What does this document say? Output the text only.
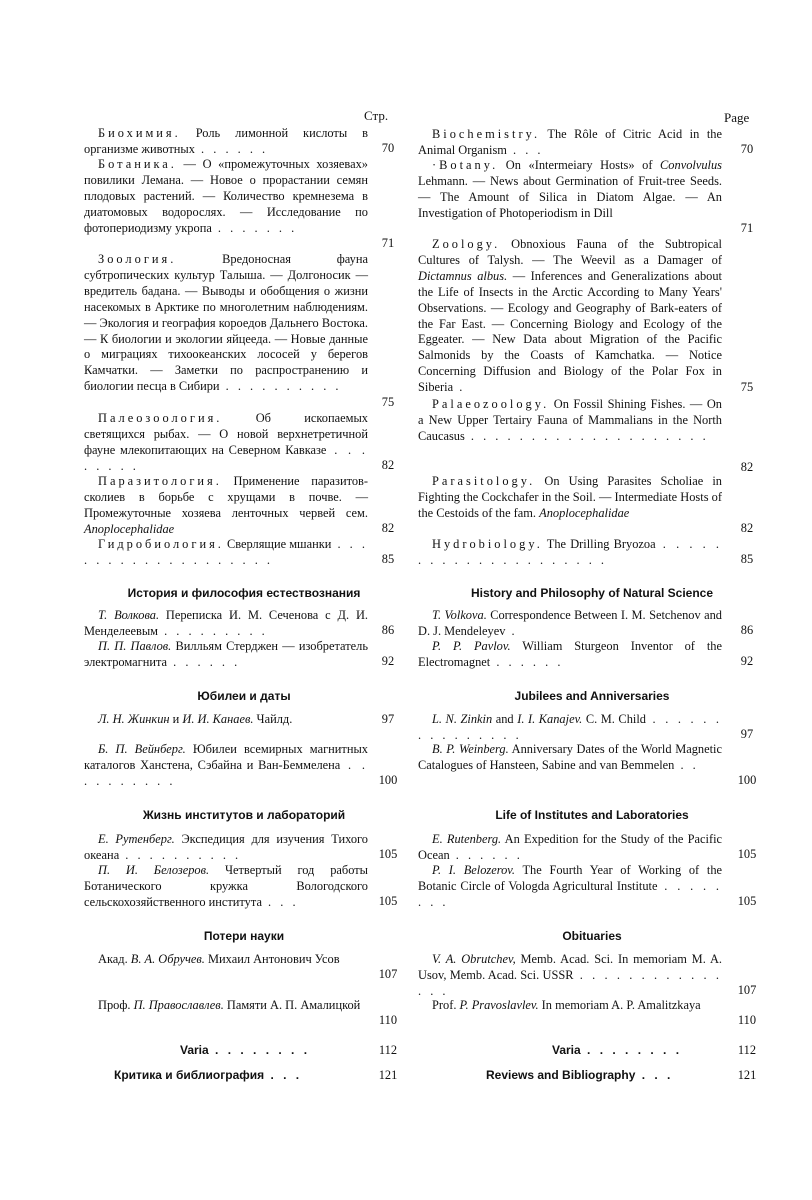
Стр.
Биохимия. Роль лимонной кислоты в организме животных . . . . . .	70
Ботаника. — О «промежуточных хозяевах» повилики Лемана. — Новое о прорастании семян плодовых растений. — Количество кремнезема в диатомовых водорослях. — Исследование по фотопериодизму укропа . . . . . . .
71
Зоология. Вредоносная фауна субтропических культур Талыша. — Долгоносик — вредитель бадана. — Выводы и обобщения о жизни насекомых в Арктике по многолетним наблюдениям. — Экология и география короедов Дальнего Востока. — К биологии и экологии яйцееда. — Новые данные о миграциях тихоокеанских лососей у берегов Камчатки. — Заметки по распространению и биологии песца в Сибири . . . . . . . . . .
75
Палеозоология. Об ископаемых светящихся рыбах. — О новой верхнетретичной фауне млекопитающих на Северном Кавказе . . . . . . . .	82
Паразитология. Применение паразитов-сколиев в борьбе с хрущами в почве. — Промежуточные хозяева ленточных червей сем. Anoplocephalidae	82
Гидробиология. Сверлящие мшанки . . . . . . . . . . . . . . . . . . .	85
История и философия естествознания
Т. Волкова. Переписка И. М. Сеченова с Д. И. Менделеевым . . . . . . . . .	86
П. П. Павлов. Вилльям Стерджен — изобретатель электромагнита . . . . . .	92
Юбилеи и даты
Л. Н. Жинкин и И. И. Канаев. Чайлд.	97
Б. П. Вейнберг. Юбилеи всемирных магнитных каталогов Ханстена, Сэбайна и Ван-Беммелена . . . . . . . . . .	100
Жизнь институтов и лабораторий
Е. Рутенберг. Экспедиция для изучения Тихого океана . . . . . . . . . .	105
П. И. Белозеров. Четвертый год работы Ботанического кружка Вологодского сельскохозяйственного института . . .	105
Потери науки
Акад. В. А. Обручев. Михаил Антонович Усов
107
Проф. П. Православлев. Памяти А. П. Амалицкой
110
Varia . . . . . . . .	112
Критика и библиография . . .	121
Page
Biochemistry. The Rôle of Citric Acid in the Animal Organism . . .	70
·Botany. On «Intermeiary Hosts» of Convolvulus Lehmann. — News about Germination of Fruit-tree Seeds. — The Amount of Silica in Diatom Algae. — An Investigation of Photoperiodism in Dill
71
Zoology. Obnoxious Fauna of the Subtropical Cultures of Talysh. — The Weevil as a Damager of Dictamnus albus. — Inferences and Generalizations about the Life of Insects in the Arctic According to Many Years' Observations. — Ecology and Geography of Bark-eaters of the Far East. — Concerning Biology and Ecology of the Eggeater. — New Data about Migration of the Pacific Salmonids by the Coasts of Kamchatka. — Notice Concerning Diffusion and Biology of the Polar Fox in Siberia .	75
Palaeozoology. On Fossil Shining Fishes. — On a New Upper Tertairy Fauna of Mammalians in the North Caucasus . . . . . . . . . . . . . . . . . . . .
82
Parasitology. On Using Parasites Scholiae in Fighting the Cockchafer in the Soil. — Intermediate Hosts of the Cestoids of the fam. Anoplocephalidae
82
Hydrobiology. The Drilling Bryozoa . . . . . . . . . . . . . . . . . . . . .	85
History and Philosophy of Natural Science
T. Volkova. Correspondence Between I. M. Setchenov and D. J. Mendeleyev .	86
P. P. Pavlov. William Sturgeon Inventor of the Electromagnet . . . . . .	92
Jubilees and Anniversaries
L. N. Zinkin and I. I. Kanajev. C. M. Child . . . . . . . . . . . . . . .	97
B. P. Weinberg. Anniversary Dates of the World Magnetic Catalogues of Hansteen, Sabine and van Bemmelen . .
100
Life of Institutes and Laboratories
E. Rutenberg. An Expedition for the Study of the Pacific Ocean . . . . . .	105
P. I. Belozerov. The Fourth Year of Working of the Botanic Circle of Vologda Agricultural Institute . . . . . . . .	105
Obituaries
V. A. Obrutchev, Memb. Acad. Sci. In memoriam M. A. Usov, Memb. Acad. Sci. USSR . . . . . . . . . . . . . . .	107
Prof. P. Pravoslavlev. In memoriam A. P. Amalitzkaya
110
Varia . . . . . . . .	112
Reviews and Bibliography . . .	121
